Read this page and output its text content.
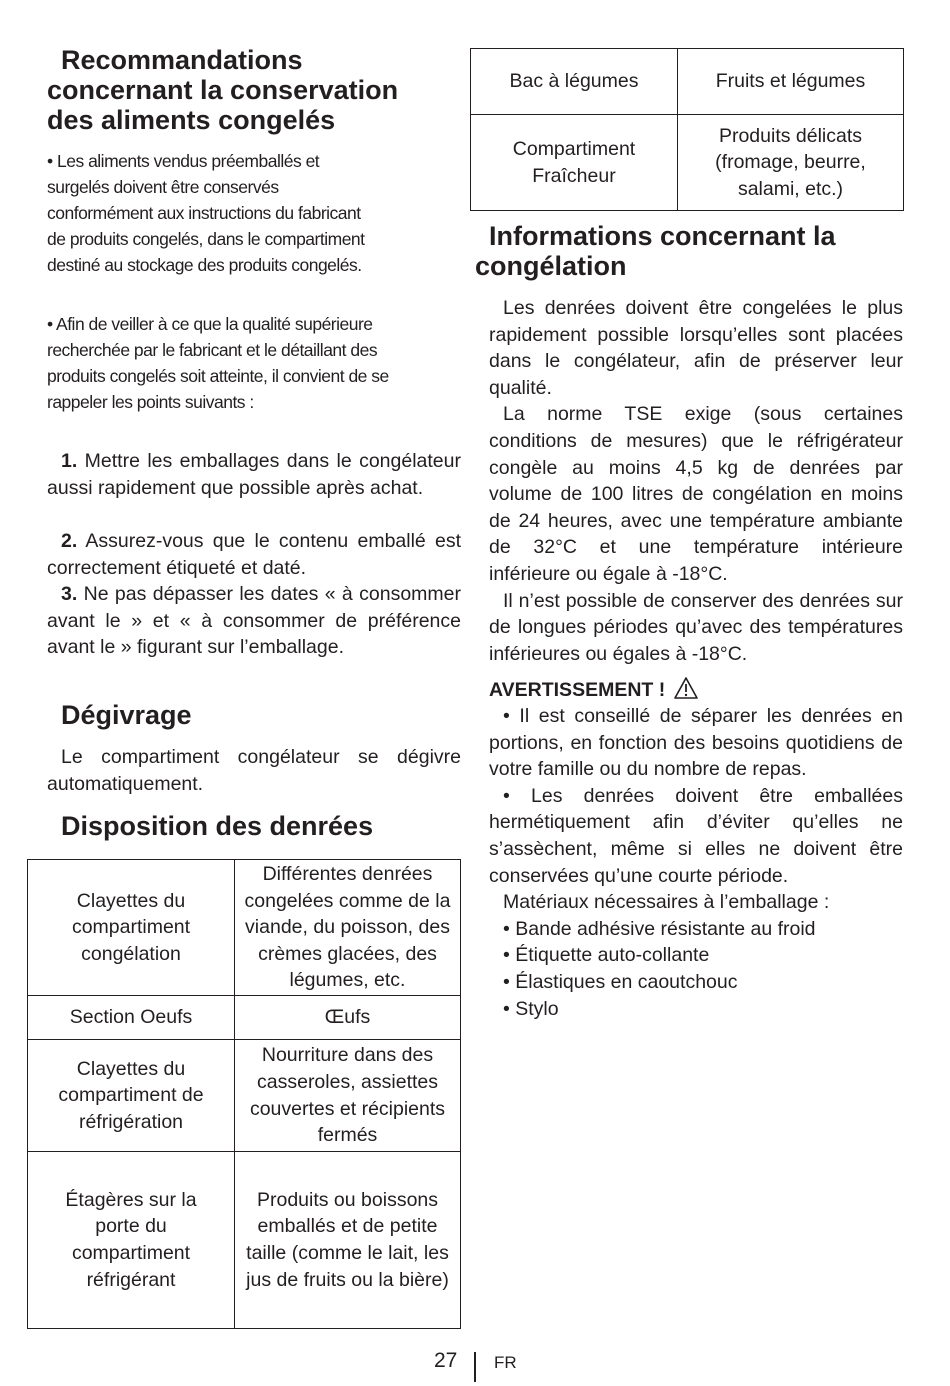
Recommandations concernant la conservation des aliments congelés

• Les aliments vendus préemballés et surgelés doivent être conservés conformément aux instructions du fabricant de produits congelés, dans le compartiment destiné au stockage des produits congelés.

• Afin de veiller à ce que la qualité supérieure recherchée par le fabricant et le détaillant des produits congelés soit atteinte, il convient de se rappeler les points suivants :

1. Mettre les emballages dans le congélateur aussi rapidement que possible après achat.

2. Assurez-vous que le contenu emballé est correctement étiqueté et daté.

3. Ne pas dépasser les dates « à consommer avant le » et « à consommer de préférence avant le » figurant sur l’emballage.

Dégivrage

Le compartiment congélateur se dégivre automatiquement.

Disposition des denrées
Clayettes du compartiment congélation	Différentes denrées congelées comme de la viande, du poisson, des crèmes glacées, des légumes, etc.
Section Oeufs	Œufs
Clayettes du compartiment de réfrigération	Nourriture dans des casseroles, assiettes couvertes et récipients fermés
Étagères sur la porte du compartiment réfrigérant	Produits ou boissons emballés et de petite taille (comme le lait, les jus de fruits ou la bière)
Bac à légumes	Fruits et légumes
Compartiment Fraîcheur	Produits délicats (fromage, beurre, salami, etc.)
Informations concernant la congélation

Les denrées doivent être congelées le plus rapidement possible lorsqu’elles sont placées dans le congélateur, afin de préserver leur qualité.

La norme TSE exige (sous certaines conditions de mesures) que le réfrigérateur congèle au moins 4,5 kg de denrées par volume de 100 litres de congélation en moins de 24 heures, avec une température ambiante de 32°C et une température intérieure inférieure ou égale à -18°C.

Il n’est possible de conserver des denrées sur de longues périodes qu’avec des températures inférieures ou égales à -18°C.

AVERTISSEMENT !

• Il est conseillé de séparer les denrées en portions, en fonction des besoins quotidiens de votre famille ou du nombre de repas.

• Les denrées doivent être emballées hermétiquement afin d’éviter qu’elles ne s’assèchent, même si elles ne doivent être conservées qu’une courte période.

Matériaux nécessaires à l’emballage :

• Bande adhésive résistante au froid
• Étiquette auto-collante
• Élastiques en caoutchouc
• Stylo
27 FR
